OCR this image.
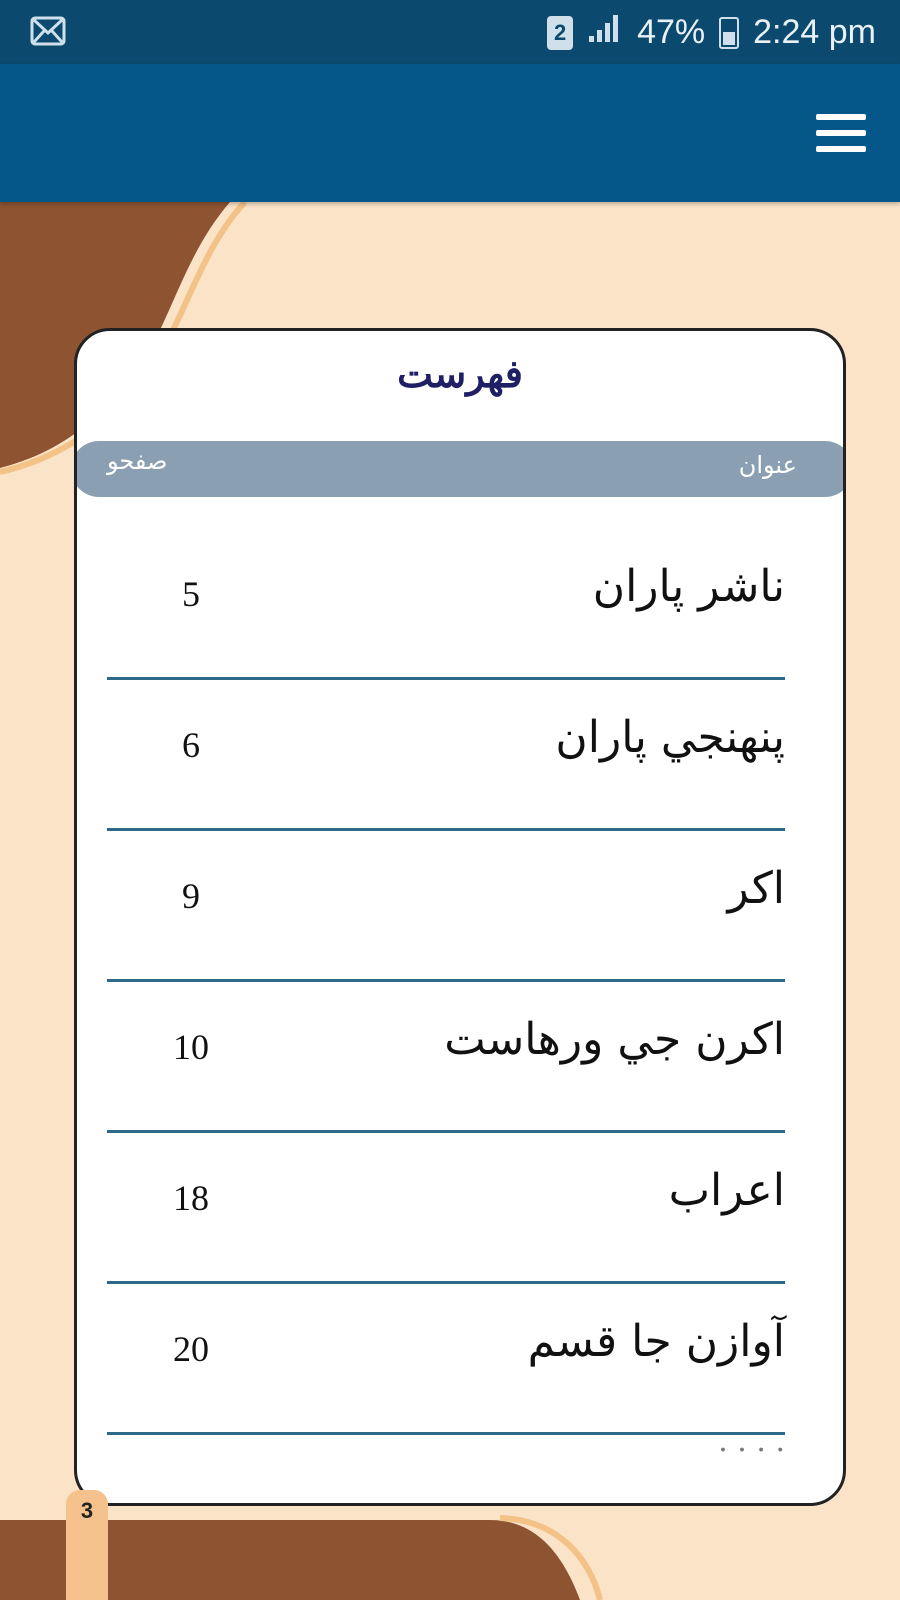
2 47% 2:24 pm
فهرست
عنوان
صفحو
ناشر پاران
5
پنهنجي پاران
6
اکر
9
اکرن جي ورهاست
10
اعراب
18
آوازن جا قسم
20
· · · ·
3
